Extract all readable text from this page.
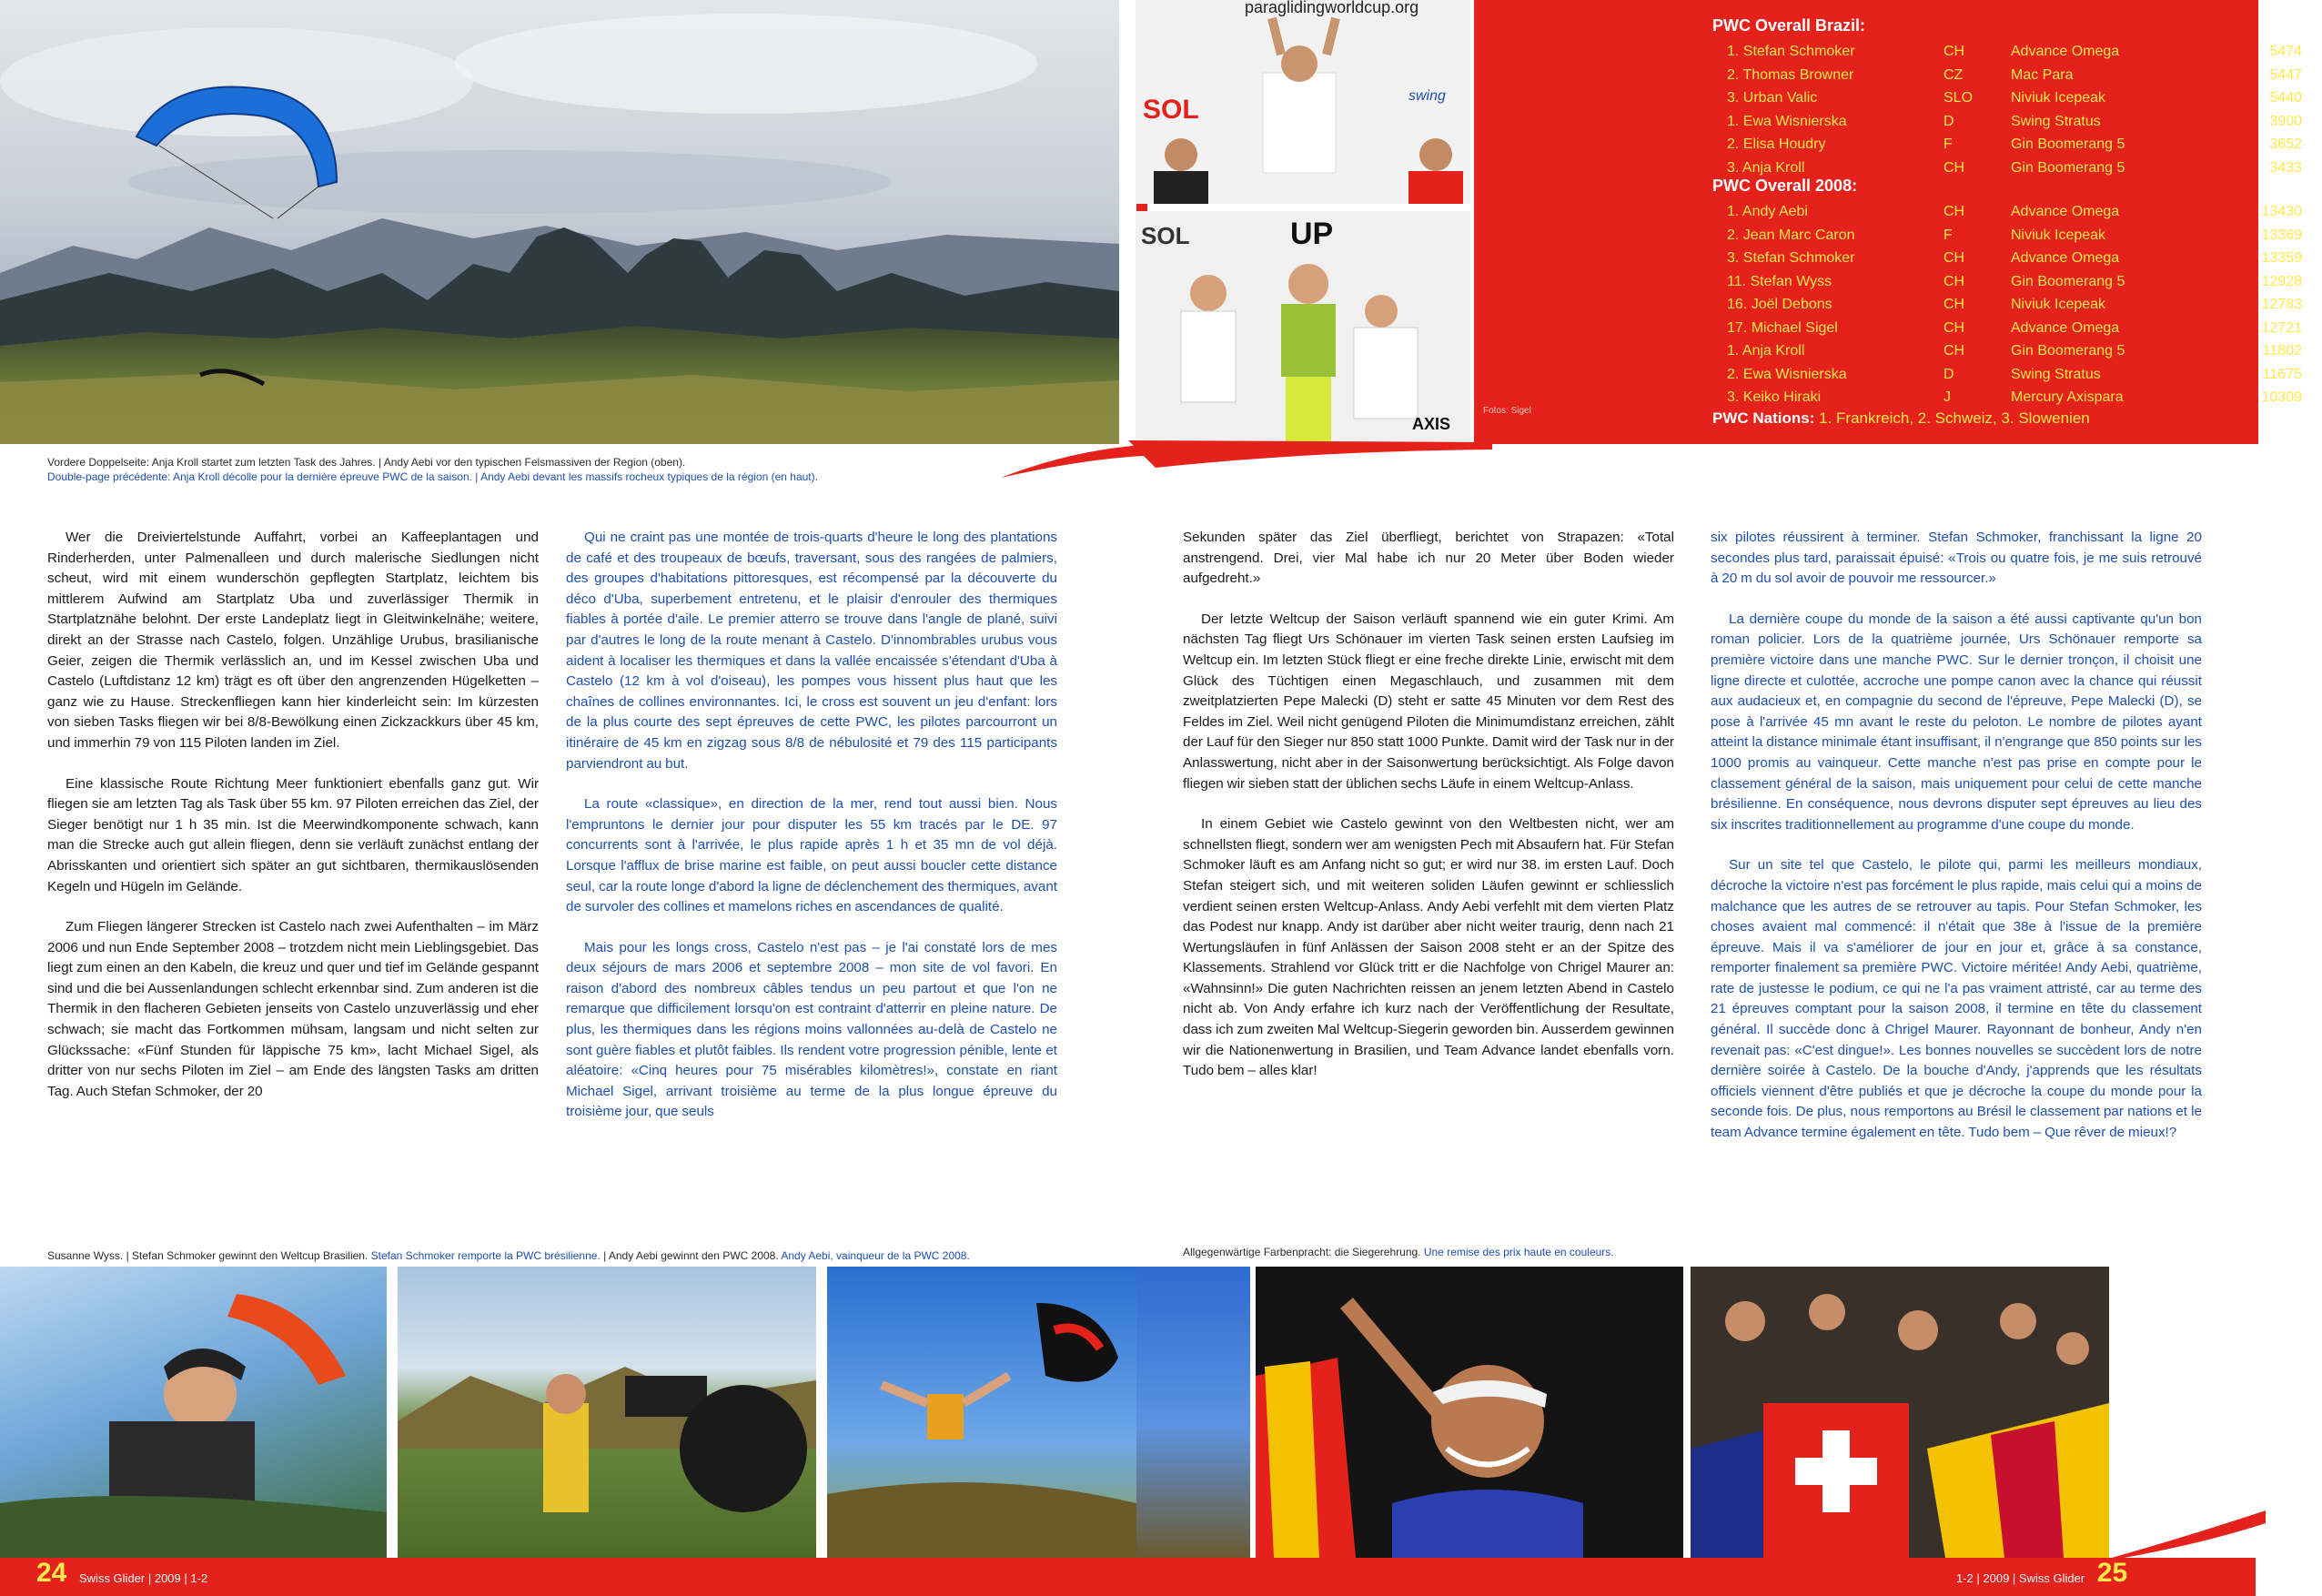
Vordere Doppelseite: Anja Kroll startet zum letzten Task des Jahres. | Andy Aebi vor den typischen Felsmassiven der Region (oben).
Double-page précédente: Anja Kroll décolle pour la dernière épreuve PWC de la saison. | Andy Aebi devant les massifs rocheux typiques de la région (en haut).

Wer die Dreiviertelstunde Auffahrt, vorbei an Kaffeeplantagen und Rinderherden, unter Palmenalleen und durch malerische Siedlungen nicht scheut, wird mit einem wunderschön gepflegten Startplatz, leichtem bis mittlerem Aufwind am Startplatz Uba und zuverlässiger Thermik in Startplatznähe belohnt. Der erste Landeplatz liegt in Gleitwinkelnähe; weitere, direkt an der Strasse nach Castelo, folgen. Unzählige Urubus, brasilianische Geier, zeigen die Thermik verlässlich an, und im Kessel zwischen Uba und Castelo (Luftdistanz 12 km) trägt es oft über den angrenzenden Hügelketten – ganz wie zu Hause. Streckenfliegen kann hier kinderleicht sein: Im kürzesten von sieben Tasks fliegen wir bei 8/8-Bewölkung einen Zickzackkurs über 45 km, und immerhin 79 von 115 Piloten landen im Ziel.

Eine klassische Route Richtung Meer funktioniert ebenfalls ganz gut. Wir fliegen sie am letzten Tag als Task über 55 km. 97 Piloten erreichen das Ziel, der Sieger benötigt nur 1 h 35 min. Ist die Meerwindkomponente schwach, kann man die Strecke auch gut allein fliegen, denn sie verläuft zunächst entlang der Abrisskanten und orientiert sich später an gut sichtbaren, thermikauslösenden Kegeln und Hügeln im Gelände.

Zum Fliegen längerer Strecken ist Castelo nach zwei Aufenthalten – im März 2006 und nun Ende September 2008 – trotzdem nicht mein Lieblingsgebiet. Das liegt zum einen an den Kabeln, die kreuz und quer und tief im Gelände gespannt sind und die bei Aussenlandungen schlecht erkennbar sind. Zum anderen ist die Thermik in den flacheren Gebieten jenseits von Castelo unzuverlässig und eher schwach; sie macht das Fortkommen mühsam, langsam und nicht selten zur Glückssache: «Fünf Stunden für läppische 75 km», lacht Michael Sigel, als dritter von nur sechs Piloten im Ziel – am Ende des längsten Tasks am dritten Tag. Auch Stefan Schmoker, der 20

Qui ne craint pas une montée de trois-quarts d'heure le long des plantations de café et des troupeaux de bœufs, traversant, sous des rangées de palmiers, des groupes d'habitations pittoresques, est récompensé par la découverte du déco d'Uba, superbement entretenu, et le plaisir d'enrouler des thermiques fiables à portée d'aile. Le premier atterro se trouve dans l'angle de plané, suivi par d'autres le long de la route menant à Castelo. D'innombrables urubus vous aident à localiser les thermiques et dans la vallée encaissée s'étendant d'Uba à Castelo (12 km à vol d'oiseau), les pompes vous hissent plus haut que les chaînes de collines environnantes. Ici, le cross est souvent un jeu d'enfant: lors de la plus courte des sept épreuves de cette PWC, les pilotes parcourront un itinéraire de 45 km en zigzag sous 8/8 de nébulosité et 79 des 115 participants parviendront au but.

La route «classique», en direction de la mer, rend tout aussi bien. Nous l'empruntons le dernier jour pour disputer les 55 km tracés par le DE. 97 concurrents sont à l'arrivée, le plus rapide après 1 h et 35 mn de vol déjà. Lorsque l'afflux de brise marine est faible, on peut aussi boucler cette distance seul, car la route longe d'abord la ligne de déclenchement des thermiques, avant de survoler des collines et mamelons riches en ascendances de qualité.

Mais pour les longs cross, Castelo n'est pas – je l'ai constaté lors de mes deux séjours de mars 2006 et septembre 2008 – mon site de vol favori. En raison d'abord des nombreux câbles tendus un peu partout et que l'on ne remarque que difficilement lorsqu'on est contraint d'atterrir en pleine nature. De plus, les thermiques dans les régions moins vallonnées au-delà de Castelo ne sont guère fiables et plutôt faibles. Ils rendent votre progression pénible, lente et aléatoire: «Cinq heures pour 75 misérables kilomètres!», constate en riant Michael Sigel, arrivant troisième au terme de la plus longue épreuve du troisième jour, que seuls

Susanne Wyss. | Stefan Schmoker gewinnt den Weltcup Brasilien. Stefan Schmoker remporte la PWC brésilienne. | Andy Aebi gewinnt den PWC 2008. Andy Aebi, vainqueur de la PWC 2008.
24 Swiss Glider | 2009 | 1-2
paraglidingworldcup.org
SOL	swing
SOL	UP
AXIS
Fotos: Sigel
PWC Overall Brazil:
1. Stefan Schmoker	CH	Advance Omega	5474
2. Thomas Browner	CZ	Mac Para	5447
3. Urban Valic	SLO	Niviuk Icepeak	5440
1. Ewa Wisnierska	D	Swing Stratus	3900
2. Elisa Houdry	F	Gin Boomerang 5	3652
3. Anja Kroll	CH	Gin Boomerang 5	3433
PWC Overall 2008:
1. Andy Aebi	CH	Advance Omega	13430
2. Jean Marc Caron	F	Niviuk Icepeak	13369
3. Stefan Schmoker	CH	Advance Omega	13359
11. Stefan Wyss	CH	Gin Boomerang 5	12928
16. Joël Debons	CH	Niviuk Icepeak	12783
17. Michael Sigel	CH	Advance Omega	12721
1. Anja Kroll	CH	Gin Boomerang 5	11802
2. Ewa Wisnierska	D	Swing Stratus	11675
3. Keiko Hiraki	J	Mercury Axispara	10309
PWC Nations: 1. Frankreich, 2. Schweiz, 3. Slowenien

Sekunden später das Ziel überfliegt, berichtet von Strapazen: «Total anstrengend. Drei, vier Mal habe ich nur 20 Meter über Boden wieder aufgedreht.»

Der letzte Weltcup der Saison verläuft spannend wie ein guter Krimi. Am nächsten Tag fliegt Urs Schönauer im vierten Task seinen ersten Laufsieg im Weltcup ein. Im letzten Stück fliegt er eine freche direkte Linie, erwischt mit dem Glück des Tüchtigen einen Megaschlauch, und zusammen mit dem zweitplatzierten Pepe Malecki (D) steht er satte 45 Minuten vor dem Rest des Feldes im Ziel. Weil nicht genügend Piloten die Minimumdistanz erreichen, zählt der Lauf für den Sieger nur 850 statt 1000 Punkte. Damit wird der Task nur in der Anlasswertung, nicht aber in der Saisonwertung berücksichtigt. Als Folge davon fliegen wir sieben statt der üblichen sechs Läufe in einem Weltcup-Anlass.

In einem Gebiet wie Castelo gewinnt von den Weltbesten nicht, wer am schnellsten fliegt, sondern wer am wenigsten Pech mit Absaufern hat. Für Stefan Schmoker läuft es am Anfang nicht so gut; er wird nur 38. im ersten Lauf. Doch Stefan steigert sich, und mit weiteren soliden Läufen gewinnt er schliesslich verdient seinen ersten Weltcup-Anlass. Andy Aebi verfehlt mit dem vierten Platz das Podest nur knapp. Andy ist darüber aber nicht weiter traurig, denn nach 21 Wertungsläufen in fünf Anlässen der Saison 2008 steht er an der Spitze des Klassements. Strahlend vor Glück tritt er die Nachfolge von Chrigel Maurer an: «Wahnsinn!» Die guten Nachrichten reissen an jenem letzten Abend in Castelo nicht ab. Von Andy erfahre ich kurz nach der Veröffentlichung der Resultate, dass ich zum zweiten Mal Weltcup-Siegerin geworden bin. Ausserdem gewinnen wir die Nationenwertung in Brasilien, und Team Advance landet ebenfalls vorn. Tudo bem – alles klar!

six pilotes réussirent à terminer. Stefan Schmoker, franchissant la ligne 20 secondes plus tard, paraissait épuisé: «Trois ou quatre fois, je me suis retrouvé à 20 m du sol avoir de pouvoir me ressourcer.»

La dernière coupe du monde de la saison a été aussi captivante qu'un bon roman policier. Lors de la quatrième journée, Urs Schönauer remporte sa première victoire dans une manche PWC. Sur le dernier tronçon, il choisit une ligne directe et culottée, accroche une pompe canon avec la chance qui réussit aux audacieux et, en compagnie du second de l'épreuve, Pepe Malecki (D), se pose à l'arrivée 45 mn avant le reste du peloton. Le nombre de pilotes ayant atteint la distance minimale étant insuffisant, il n'engrange que 850 points sur les 1000 promis au vainqueur. Cette manche n'est pas prise en compte pour le classement général de la saison, mais uniquement pour celui de cette manche brésilienne. En conséquence, nous devrons disputer sept épreuves au lieu des six inscrites traditionnellement au programme d'une coupe du monde.

Sur un site tel que Castelo, le pilote qui, parmi les meilleurs mondiaux, décroche la victoire n'est pas forcément le plus rapide, mais celui qui a moins de malchance que les autres de se retrouver au tapis. Pour Stefan Schmoker, les choses avaient mal commencé: il n'était que 38e à l'issue de la première épreuve. Mais il va s'améliorer de jour en jour et, grâce à sa constance, remporter finalement sa première PWC. Victoire méritée! Andy Aebi, quatrième, rate de justesse le podium, ce qui ne l'a pas vraiment attristé, car au terme des 21 épreuves comptant pour la saison 2008, il termine en tête du classement général. Il succède donc à Chrigel Maurer. Rayonnant de bonheur, Andy n'en revenait pas: «C'est dingue!». Les bonnes nouvelles se succèdent lors de notre dernière soirée à Castelo. De la bouche d'Andy, j'apprends que les résultats officiels viennent d'être publiés et que je décroche la coupe du monde pour la seconde fois. De plus, nous remportons au Brésil le classement par nations et le team Advance termine également en tête. Tudo bem – Que rêver de mieux!?

Allgegenwärtige Farbenpracht: die Siegerehrung. Une remise des prix haute en couleurs.
1-2 | 2009 | Swiss Glider 25
